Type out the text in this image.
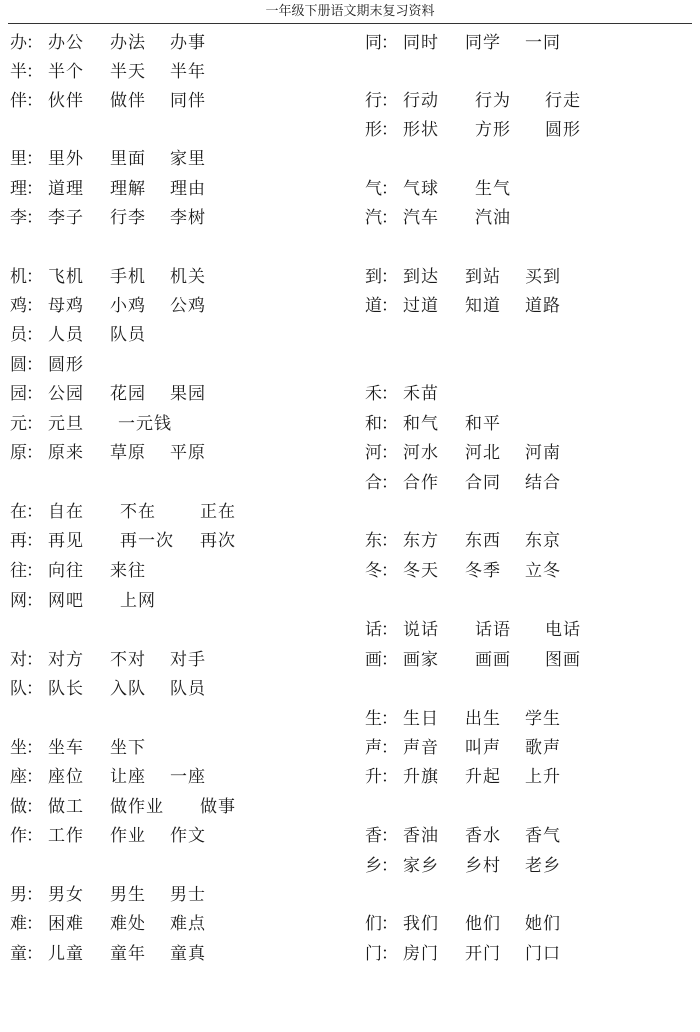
一年级下册语文期末复习资料
办
： 办公 办法 办事
半
： 半个 半天 半年
伴
： 伙伴 做伴 同伴
里
： 里外 里面 家里
理
： 道理 理解 理由
李
： 李子 行李 李树
机
： 飞机 手机 机关
鸡
： 母鸡 小鸡 公鸡
员
： 人员 队员
圆
： 圆形
园
： 公园 花园 果园
元
： 元旦 一元钱
原
： 原来 草原 平原
在
： 自在 不在	正在
再
： 再见 再一次 再次
往
： 向往 来往
网
： 网吧 上网
对
： 对方 不对 对手
队
： 队长 入队 队员
坐
： 坐车 坐下
座
： 座位 让座 一座
做
： 做工 做作业 做事
作
： 工作 作业 作文
男
： 男女 男生 男士
难
： 困难 难处 难点
童
： 儿童 童年 童真
同
： 同时 同学 一同
行
： 行动 行为 行走
形
： 形状 方形 圆形
气
： 气球 生气
汽
： 汽车 汽油
到
： 到达 到站 买到
道
： 过道 知道 道路
禾
： 禾苗
和
： 和气 和平
河
： 河水 河北 河南
合
： 合作 合同 结合
东
： 东方 东西 东京
冬
： 冬天 冬季 立冬
话
： 说话 话语 电话
画
： 画家 画画 图画
生
： 生日 出生 学生
声
： 声音 叫声 歌声
升
： 升旗 升起 上升
香
： 香油 香水 香气
乡
： 家乡 乡村 老乡
们
： 我们 他们 她们
门
： 房门 开门 门口
